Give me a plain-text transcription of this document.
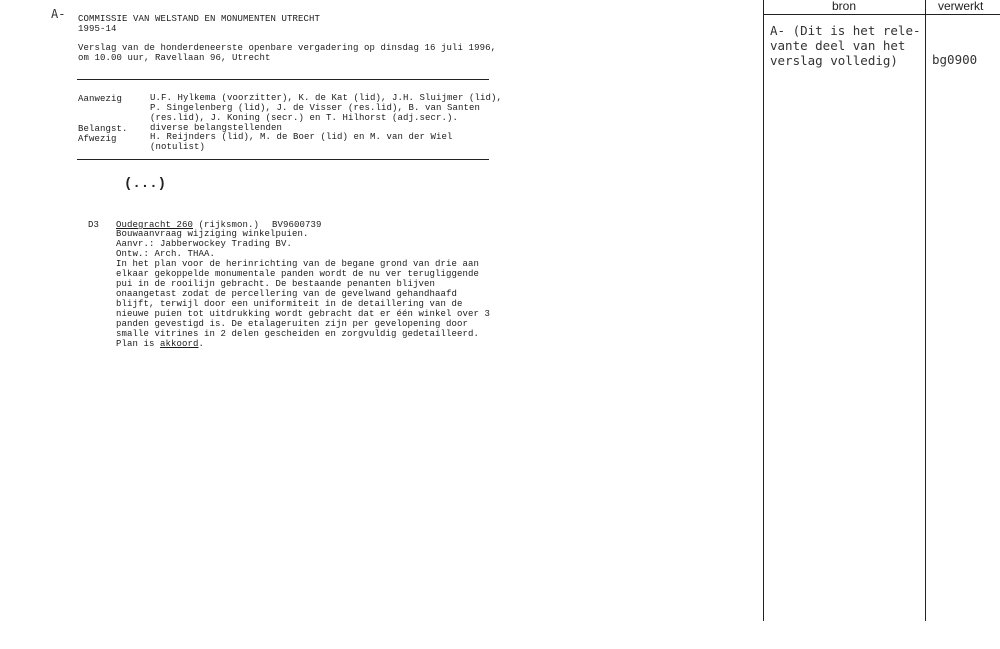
A- COMMISSIE VAN WELSTAND EN MONUMENTEN UTRECHT
1995-14
Verslag van de honderdeneerste openbare vergadering op dinsdag 16 juli 1996,
om 10.00 uur, Ravellaan 96, Utrecht
Aanwezig	U.F. Hylkema (voorzitter), K. de Kat (lid), J.H. Sluijmer (lid),
P. Singelenberg (lid), J. de Visser (res.lid), B. van Santen
(res.lid), J. Koning (secr.) en T. Hilhorst (adj.secr.).
Belangst. diverse belangstellenden
Afwezig	H. Reijnders (lid), M. de Boer (lid) en M. van der Wiel
(notulist)
(...)
D3 Oudegracht 260 (rijksmon.) BV9600739
Bouwaanvraag wijziging winkelpuien.
Aanvr.: Jabberwockey Trading BV.
Ontw.: Arch. THAA.
In het plan voor de herinrichting van de begane grond van drie aan
elkaar gekoppelde monumentale panden wordt de nu ver terugliggende
pui in de rooilijn gebracht. De bestaande penanten blijven
onaangetast zodat de percellering van de gevelwand gehandhaafd
blijft, terwijl door een uniformiteit in de detaillering van de
nieuwe puien tot uitdrukking wordt gebracht dat er één winkel over 3
panden gevestigd is. De etalageruiten zijn per gevelopening door
smalle vitrines in 2 delen gescheiden en zorgvuldig gedetailleerd.
Plan is akkoord.
bron	verwerkt
A- (Dit is het rele-
vante deel van het
verslag volledig)	bg0900
